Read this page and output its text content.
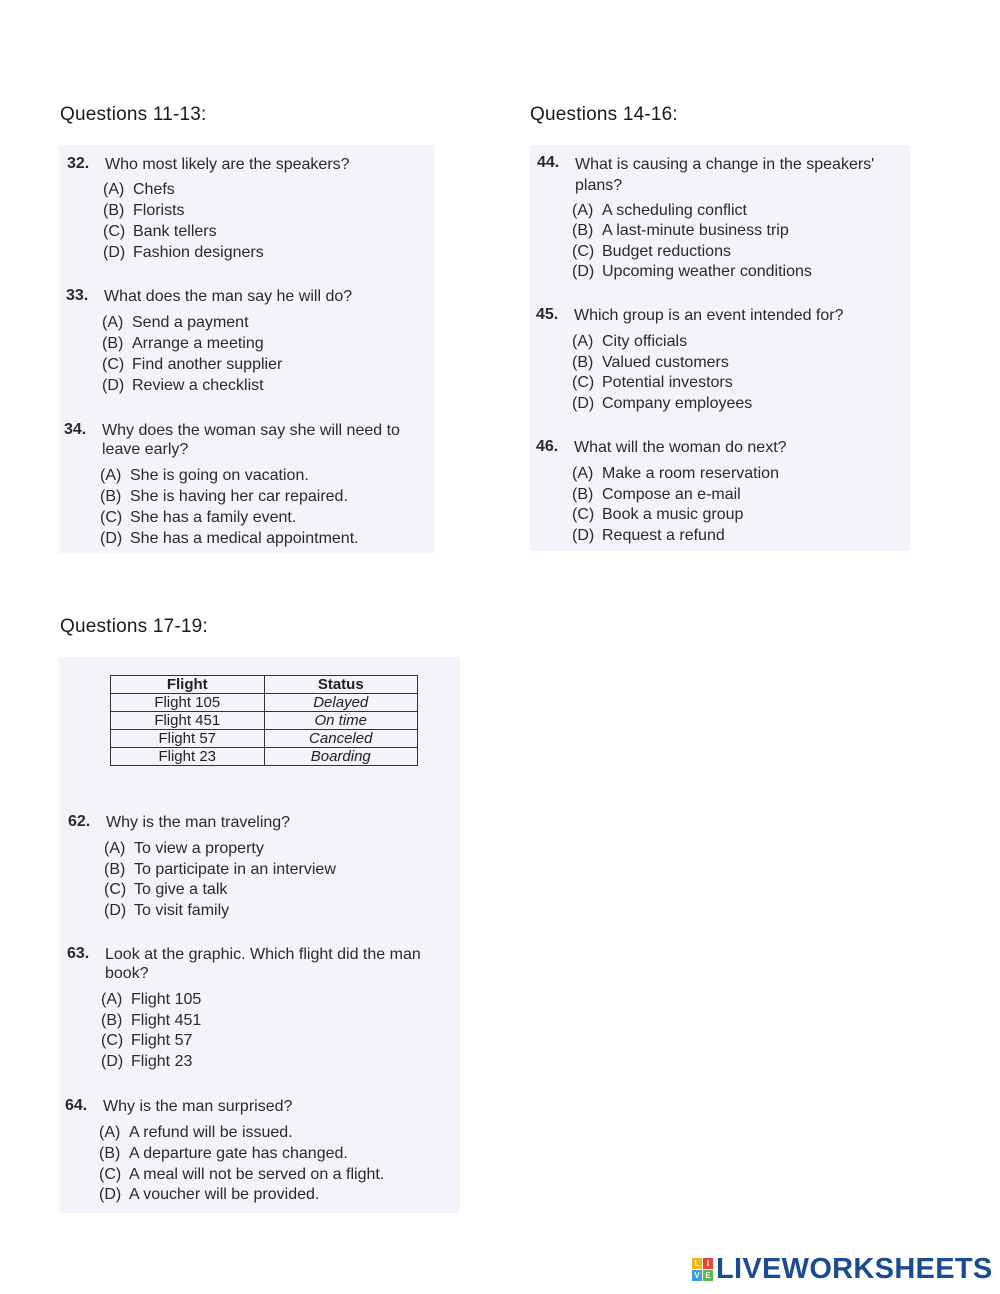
Questions 11-13:
32. Who most likely are the speakers?
(A) Chefs
(B) Florists
(C) Bank tellers
(D) Fashion designers
33. What does the man say he will do?
(A) Send a payment
(B) Arrange a meeting
(C) Find another supplier
(D) Review a checklist
34. Why does the woman say she will need to
leave early?
(A) She is going on vacation.
(B) She is having her car repaired.
(C) She has a family event.
(D) She has a medical appointment.
Questions 14-16:
44. What is causing a change in the speakers'
plans?
(A) A scheduling conflict
(B) A last-minute business trip
(C) Budget reductions
(D) Upcoming weather conditions
45. Which group is an event intended for?
(A) City officials
(B) Valued customers
(C) Potential investors
(D) Company employees
46. What will the woman do next?
(A) Make a room reservation
(B) Compose an e-mail
(C) Book a music group
(D) Request a refund
Questions 17-19:
Flight	Status
Flight 105	Delayed
Flight 451	On time
Flight 57	Canceled
Flight 23	Boarding
62. Why is the man traveling?
(A) To view a property
(B) To participate in an interview
(C) To give a talk
(D) To visit family
63. Look at the graphic. Which flight did the man
book?
(A) Flight 105
(B) Flight 451
(C) Flight 57
(D) Flight 23
64. Why is the man surprised?
(A) A refund will be issued.
(B) A departure gate has changed.
(C) A meal will not be served on a flight.
(D) A voucher will be provided.
L I
V E LIVEWORKSHEETS
